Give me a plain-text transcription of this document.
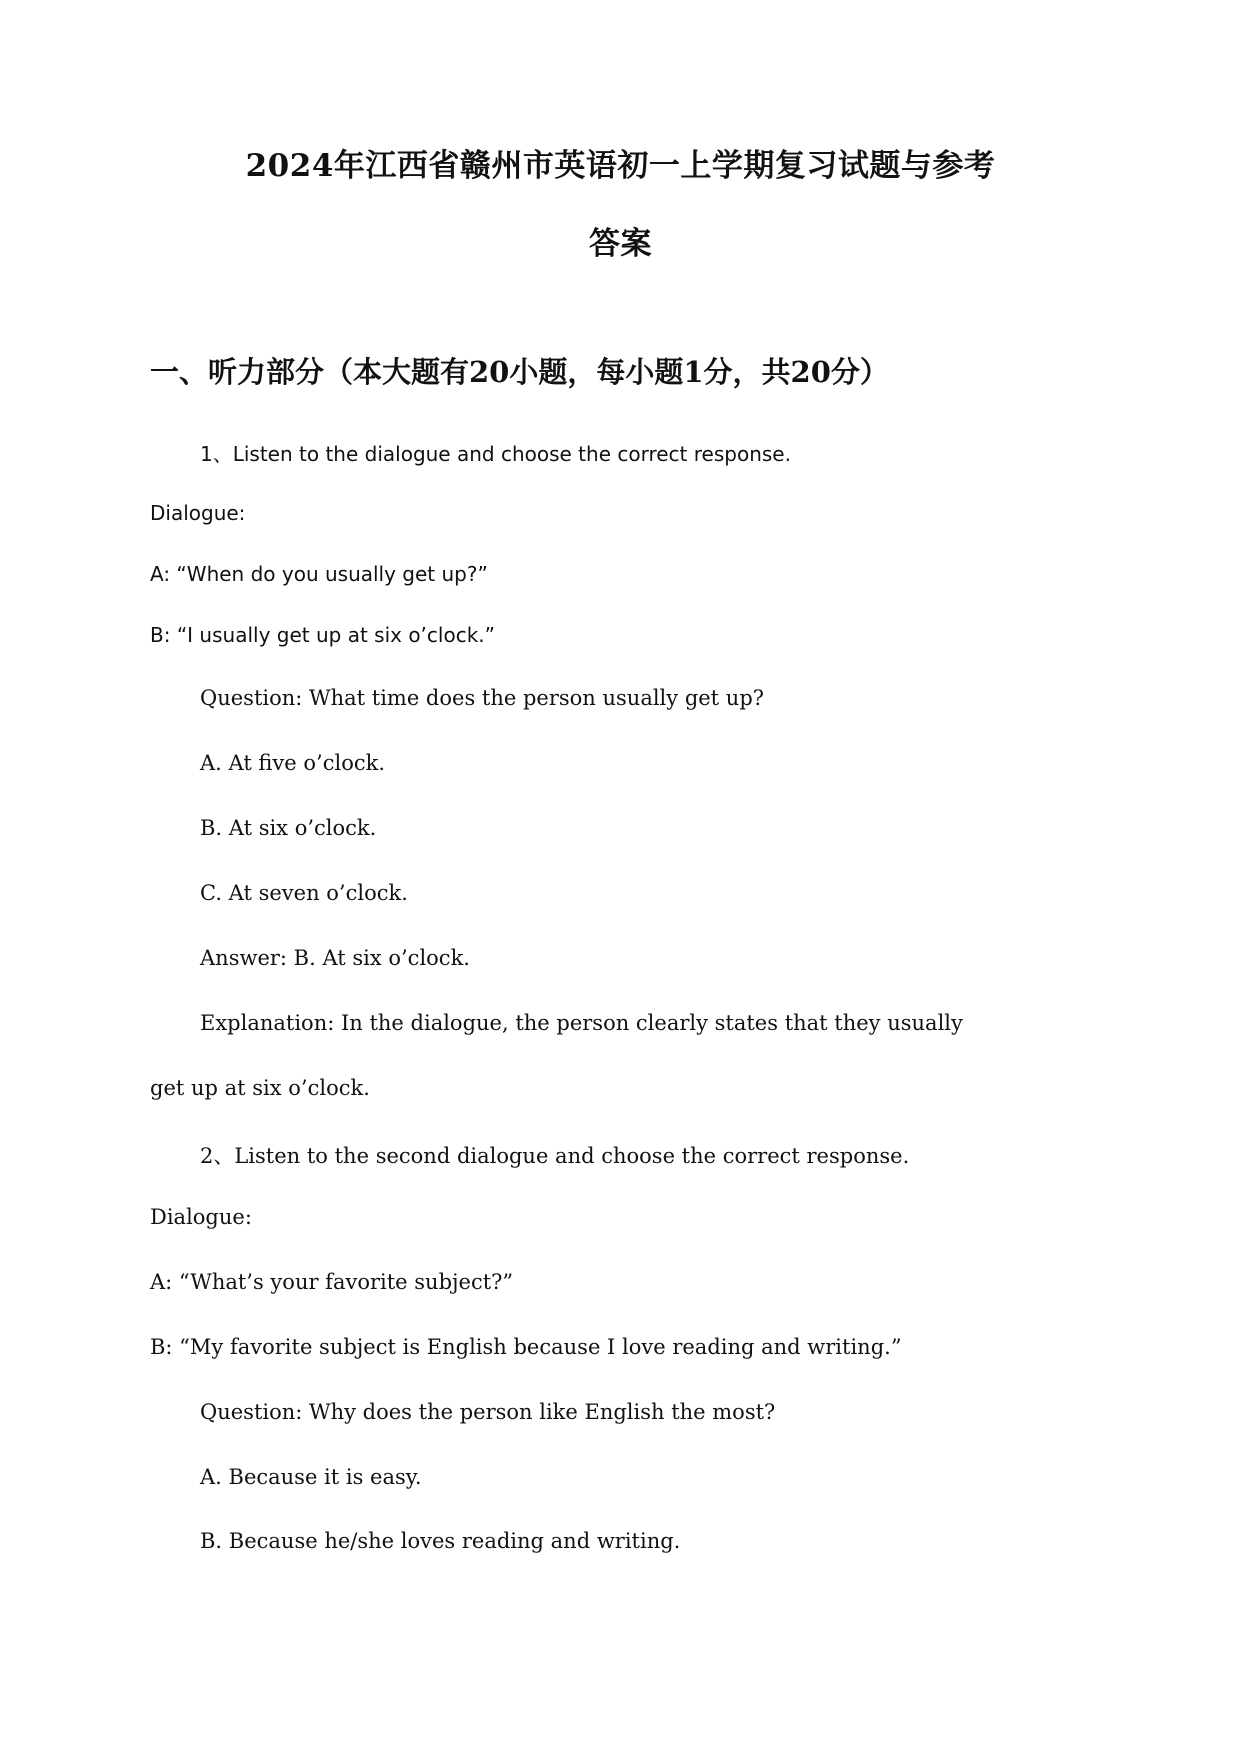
2024年江西省赣州市英语初一上学期复习试题与参考
答案
一、听力部分（本大题有20小题，每小题1分，共20分）
1、Listen to the dialogue and choose the correct response.
Dialogue:
A: “When do you usually get up?”
B: “I usually get up at six o’clock.”
Question: What time does the person usually get up?
A. At five o’clock.
B. At six o’clock.
C. At seven o’clock.
Answer: B. At six o’clock.
Explanation: In the dialogue, the person clearly states that they usually
get up at six o’clock.
2、Listen to the second dialogue and choose the correct response.
Dialogue:
A: “What’s your favorite subject?”
B: “My favorite subject is English because I love reading and writing.”
Question: Why does the person like English the most?
A. Because it is easy.
B. Because he/she loves reading and writing.
